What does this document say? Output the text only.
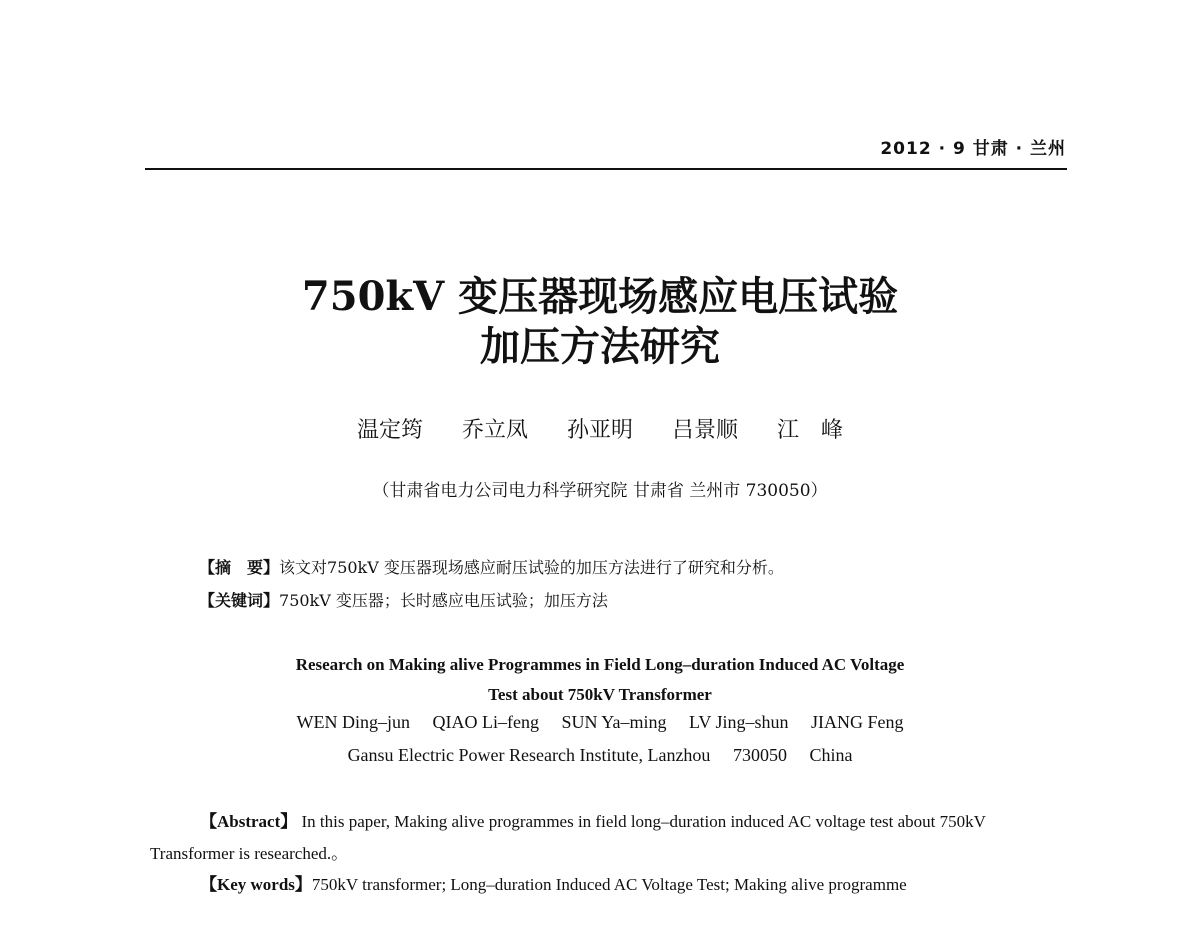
2012 · 9 甘肃 · 兰州
750kV 变压器现场感应电压试验
加压方法研究
温定筠 乔立凤 孙亚明 吕景顺 江　峰
（甘肃省电力公司电力科学研究院 甘肃省 兰州市 730050）
【摘　要】该文对750kV 变压器现场感应耐压试验的加压方法进行了研究和分析。
【关键词】750kV 变压器；长时感应电压试验；加压方法
Research on Making alive Programmes in Field Long–duration Induced AC Voltage
Test about 750kV Transformer
WEN Ding–jun QIAO Li–feng SUN Ya–ming LV Jing–shun JIANG Feng
Gansu Electric Power Research Institute, Lanzhou 730050 China
【Abstract】 In this paper, Making alive programmes in field long–duration induced AC voltage test about 750kV Transformer is researched.。
【Key words】750kV transformer; Long–duration Induced AC Voltage Test; Making alive programme
